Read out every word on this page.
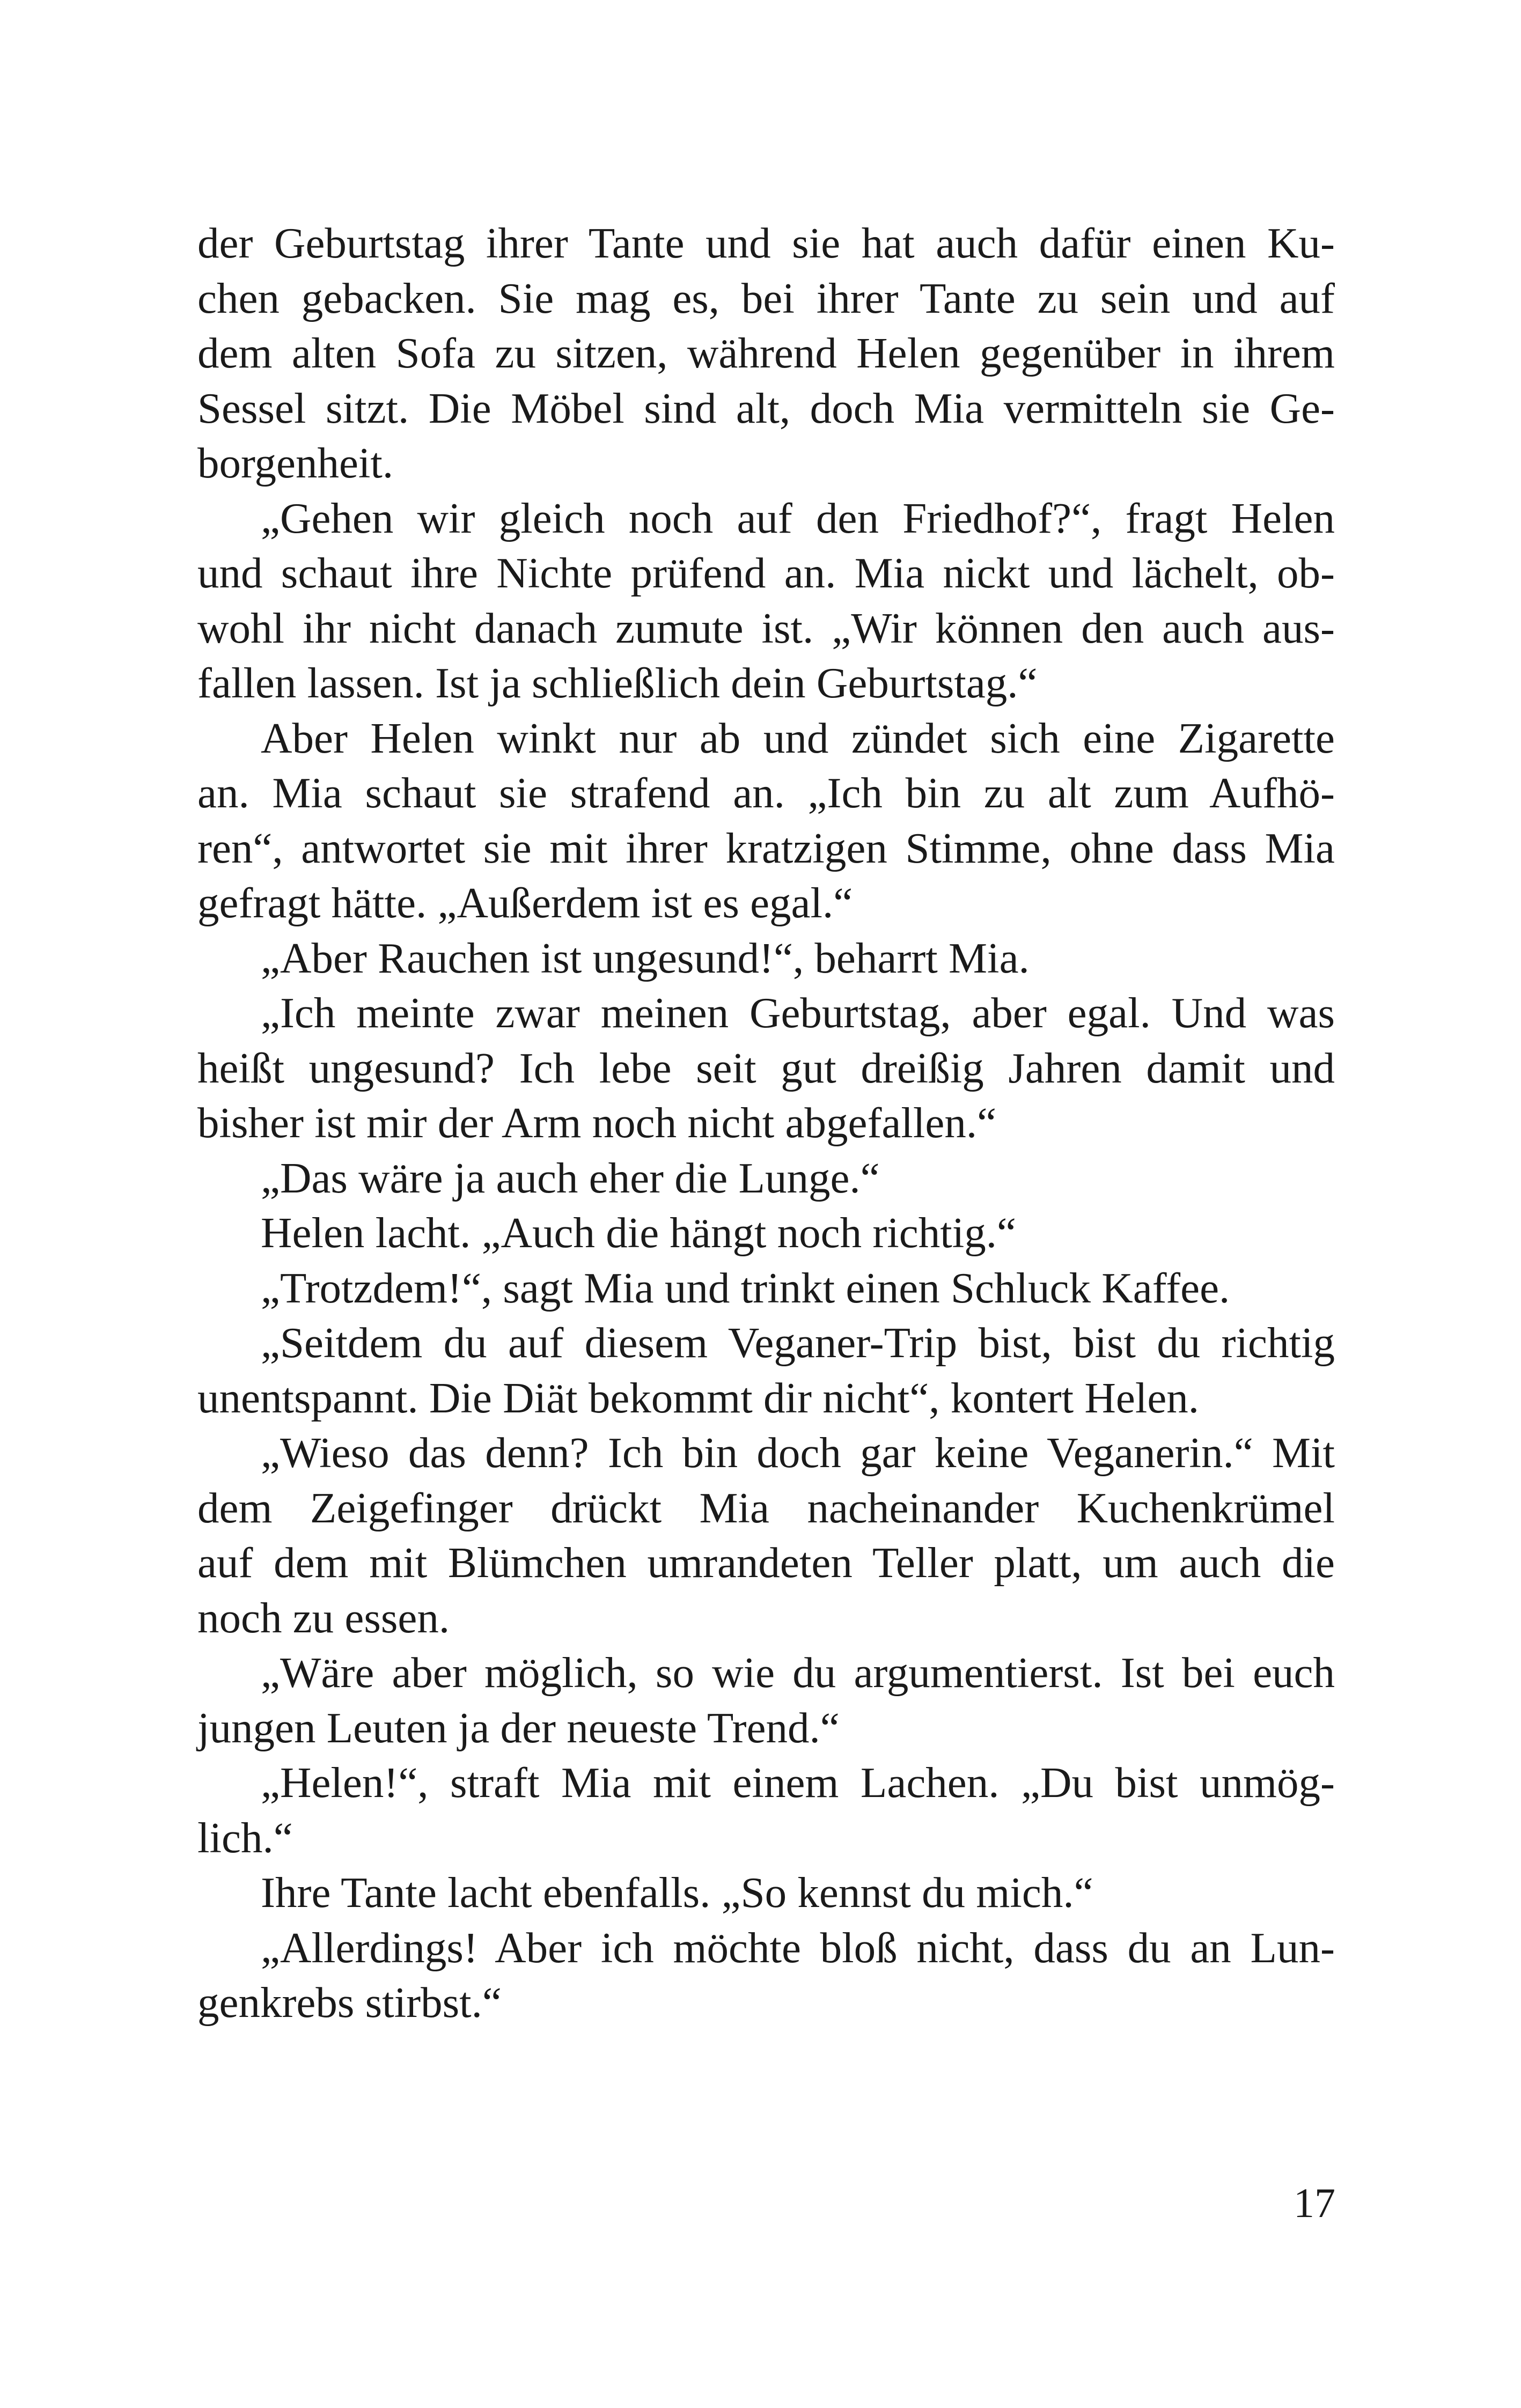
der Geburtstag ihrer Tante und sie hat auch dafür einen Ku-
chen gebacken. Sie mag es, bei ihrer Tante zu sein und auf
dem alten Sofa zu sitzen, während Helen gegenüber in ihrem
Sessel sitzt. Die Möbel sind alt, doch Mia vermitteln sie Ge-
borgenheit.
„Gehen wir gleich noch auf den Friedhof?“, fragt Helen
und schaut ihre Nichte prüfend an. Mia nickt und lächelt, ob-
wohl ihr nicht danach zumute ist. „Wir können den auch aus-
fallen lassen. Ist ja schließlich dein Geburtstag.“
Aber Helen winkt nur ab und zündet sich eine Zigarette
an. Mia schaut sie strafend an. „Ich bin zu alt zum Aufhö-
ren“, antwortet sie mit ihrer kratzigen Stimme, ohne dass Mia
gefragt hätte. „Außerdem ist es egal.“
„Aber Rauchen ist ungesund!“, beharrt Mia.
„Ich meinte zwar meinen Geburtstag, aber egal. Und was
heißt ungesund? Ich lebe seit gut dreißig Jahren damit und
bisher ist mir der Arm noch nicht abgefallen.“
„Das wäre ja auch eher die Lunge.“
Helen lacht. „Auch die hängt noch richtig.“
„Trotzdem!“, sagt Mia und trinkt einen Schluck Kaffee.
„Seitdem du auf diesem Veganer-Trip bist, bist du richtig
unentspannt. Die Diät bekommt dir nicht“, kontert Helen.
„Wieso das denn? Ich bin doch gar keine Veganerin.“ Mit
dem Zeigefinger drückt Mia nacheinander Kuchenkrümel
auf dem mit Blümchen umrandeten Teller platt, um auch die
noch zu essen.
„Wäre aber möglich, so wie du argumentierst. Ist bei euch
jungen Leuten ja der neueste Trend.“
„Helen!“, straft Mia mit einem Lachen. „Du bist unmög-
lich.“
Ihre Tante lacht ebenfalls. „So kennst du mich.“
„Allerdings! Aber ich möchte bloß nicht, dass du an Lun-
genkrebs stirbst.“
17
